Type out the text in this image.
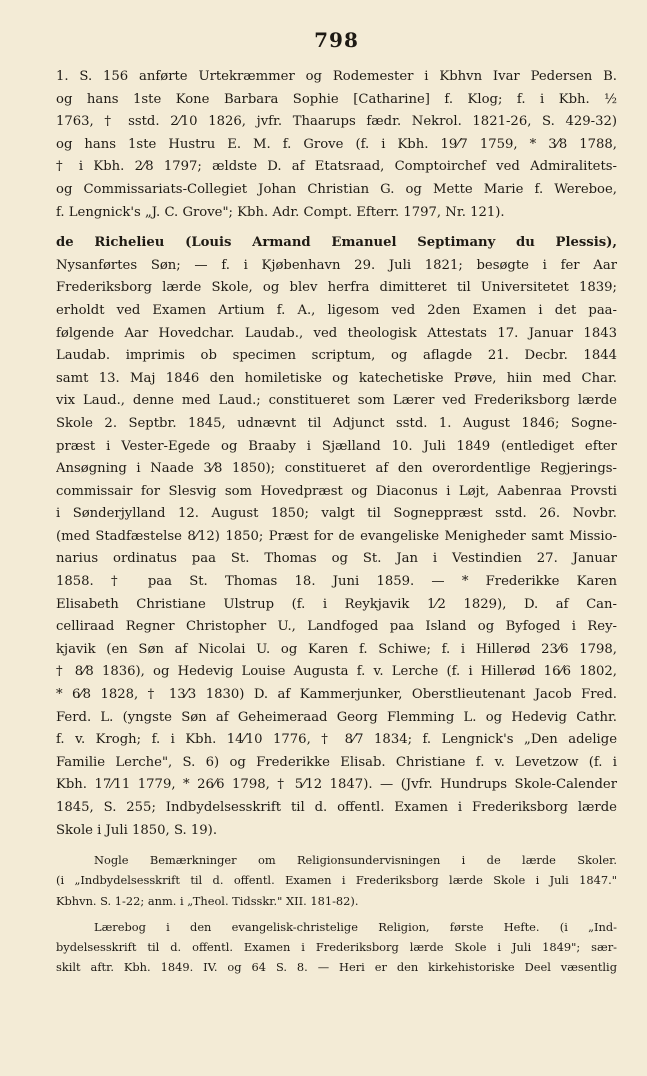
798
1. S. 156 anførte Urtekræmmer og Rodemester i Kbhvn Ivar Pedersen B.
og hans 1ste Kone Barbara Sophie [Catharine] f. Klog; f. i Kbh. ½
1763, † sstd. 2⁄10 1826, jvfr. Thaarups fædr. Nekrol. 1821-26, S. 429-32)
og hans 1ste Hustru E. M. f. Grove (f. i Kbh. 19⁄7 1759, * 3⁄8 1788,
† i Kbh. 2⁄8 1797; ældste D. af Etatsraad, Comptoirchef ved Admiralitets-
og Commissariats-Collegiet Johan Christian G. og Mette Marie f. Wereboe,
f. Lengnick's „J. C. Grove"; Kbh. Adr. Compt. Efterr. 1797, Nr. 121).
de Richelieu (Louis Armand Emanuel Septimany du Plessis),
Nysanførtes Søn; — f. i Kjøbenhavn 29. Juli 1821; besøgte i fer Aar
Frederiksborg lærde Skole, og blev herfra dimitteret til Universitetet 1839;
erholdt ved Examen Artium f. A., ligesom ved 2den Examen i det paa-
følgende Aar Hovedchar. Laudab., ved theologisk Attestats 17. Januar 1843
Laudab. imprimis ob specimen scriptum, og aflagde 21. Decbr. 1844
samt 13. Maj 1846 den homiletiske og katechetiske Prøve, hiin med Char.
vix Laud., denne med Laud.; constitueret som Lærer ved Frederiksborg lærde
Skole 2. Septbr. 1845, udnævnt til Adjunct sstd. 1. August 1846; Sogne-
præst i Vester-Egede og Braaby i Sjælland 10. Juli 1849 (entlediget efter
Ansøgning i Naade 3⁄8 1850); constitueret af den overordentlige Regjerings-
commissair for Slesvig som Hovedpræst og Diaconus i Løjt, Aabenraa Provsti
i Sønderjylland 12. August 1850; valgt til Sogneppræst sstd. 26. Novbr.
(med Stadfæstelse 8⁄12) 1850; Præst for de evangeliske Menigheder samt Missio-
narius ordinatus paa St. Thomas og St. Jan i Vestindien 27. Januar
1858. † paa St. Thomas 18. Juni 1859. — * Frederikke Karen
Elisabeth Christiane Ulstrup (f. i Reykjavik 1⁄2 1829), D. af Can-
celliraad Regner Christopher U., Landfoged paa Island og Byfoged i Rey-
kjavik (en Søn af Nicolai U. og Karen f. Schiwe; f. i Hillerød 23⁄6 1798,
† 8⁄8 1836), og Hedevig Louise Augusta f. v. Lerche (f. i Hillerød 16⁄6 1802,
* 6⁄8 1828, † 13⁄3 1830) D. af Kammerjunker, Oberstlieutenant Jacob Fred.
Ferd. L. (yngste Søn af Geheimeraad Georg Flemming L. og Hedevig Cathr.
f. v. Krogh; f. i Kbh. 14⁄10 1776, † 8⁄7 1834; f. Lengnick's „Den adelige
Familie Lerche", S. 6) og Frederikke Elisab. Christiane f. v. Levetzow (f. i
Kbh. 17⁄11 1779, * 26⁄6 1798, † 5⁄12 1847). — (Jvfr. Hundrups Skole-Calender
1845, S. 255; Indbydelsesskrift til d. offentl. Examen i Frederiksborg lærde
Skole i Juli 1850, S. 19).
Nogle Bemærkninger om Religionsundervisningen i de lærde Skoler.
(i „Indbydelsesskrift til d. offentl. Examen i Frederiksborg lærde Skole i Juli 1847."
Kbhvn. S. 1-22; anm. i „Theol. Tidsskr." XII. 181-82).
Lærebog i den evangelisk-christelige Religion, første Hefte. (i „Ind-
bydelsesskrift til d. offentl. Examen i Frederiksborg lærde Skole i Juli 1849"; sær-
skilt aftr. Kbh. 1849. IV. og 64 S. 8. — Heri er den kirkehistoriske Deel væsentlig
